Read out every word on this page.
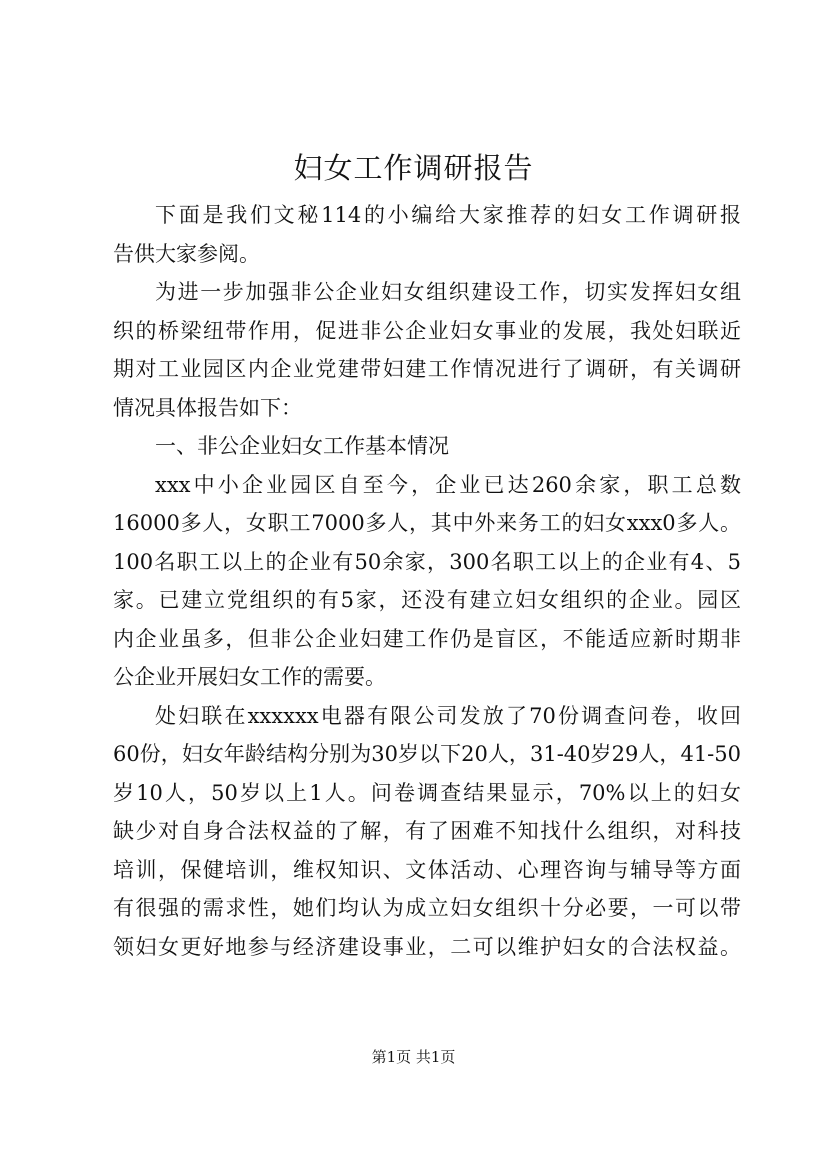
妇女工作调研报告
下面是我们文秘114的小编给大家推荐的妇女工作调研报
告供大家参阅。
为进一步加强非公企业妇女组织建设工作，切实发挥妇女组
织的桥梁纽带作用，促进非公企业妇女事业的发展，我处妇联近
期对工业园区内企业党建带妇建工作情况进行了调研，有关调研
情况具体报告如下：
一、非公企业妇女工作基本情况
xxx中小企业园区自至今，企业已达260余家，职工总数
16000多人，女职工7000多人，其中外来务工的妇女xxx0多人。
100名职工以上的企业有50余家，300名职工以上的企业有4、5
家。已建立党组织的有5家，还没有建立妇女组织的企业。园区
内企业虽多，但非公企业妇建工作仍是盲区，不能适应新时期非
公企业开展妇女工作的需要。
处妇联在xxxxxx电器有限公司发放了70份调查问卷，收回
60份，妇女年龄结构分别为30岁以下20人，31-40岁29人，41-50
岁10人，50岁以上1人。问卷调查结果显示，70%以上的妇女
缺少对自身合法权益的了解，有了困难不知找什么组织，对科技
培训，保健培训，维权知识、文体活动、心理咨询与辅导等方面
有很强的需求性，她们均认为成立妇女组织十分必要，一可以带
领妇女更好地参与经济建设事业，二可以维护妇女的合法权益。
第1页 共1页
